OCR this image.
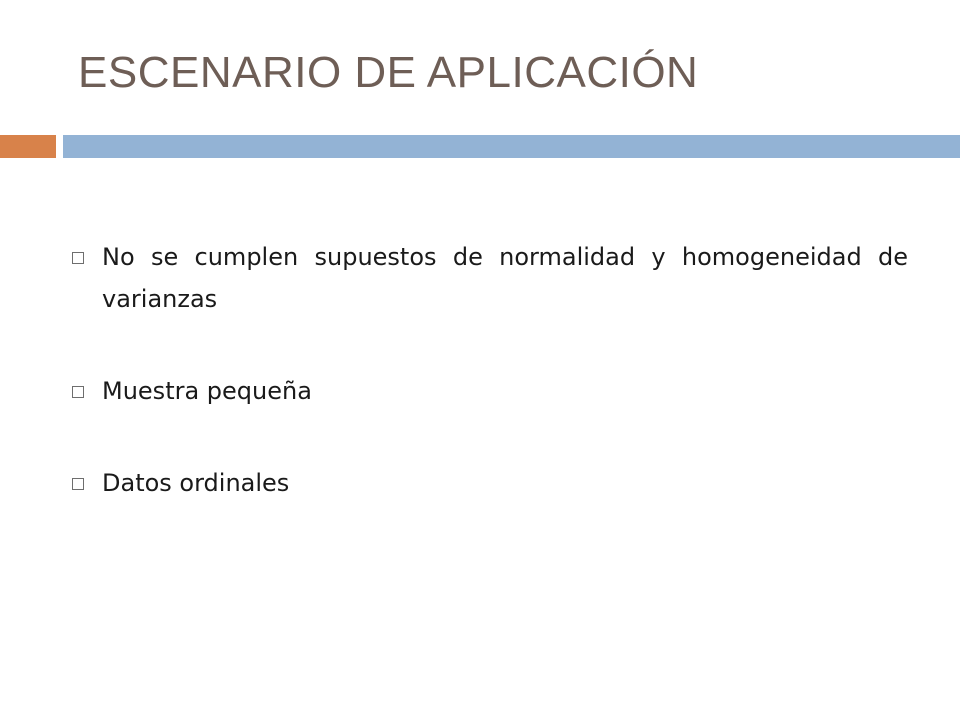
ESCENARIO DE APLICACIÓN
No se cumplen supuestos de normalidad y homogeneidad de varianzas
Muestra pequeña
Datos ordinales
